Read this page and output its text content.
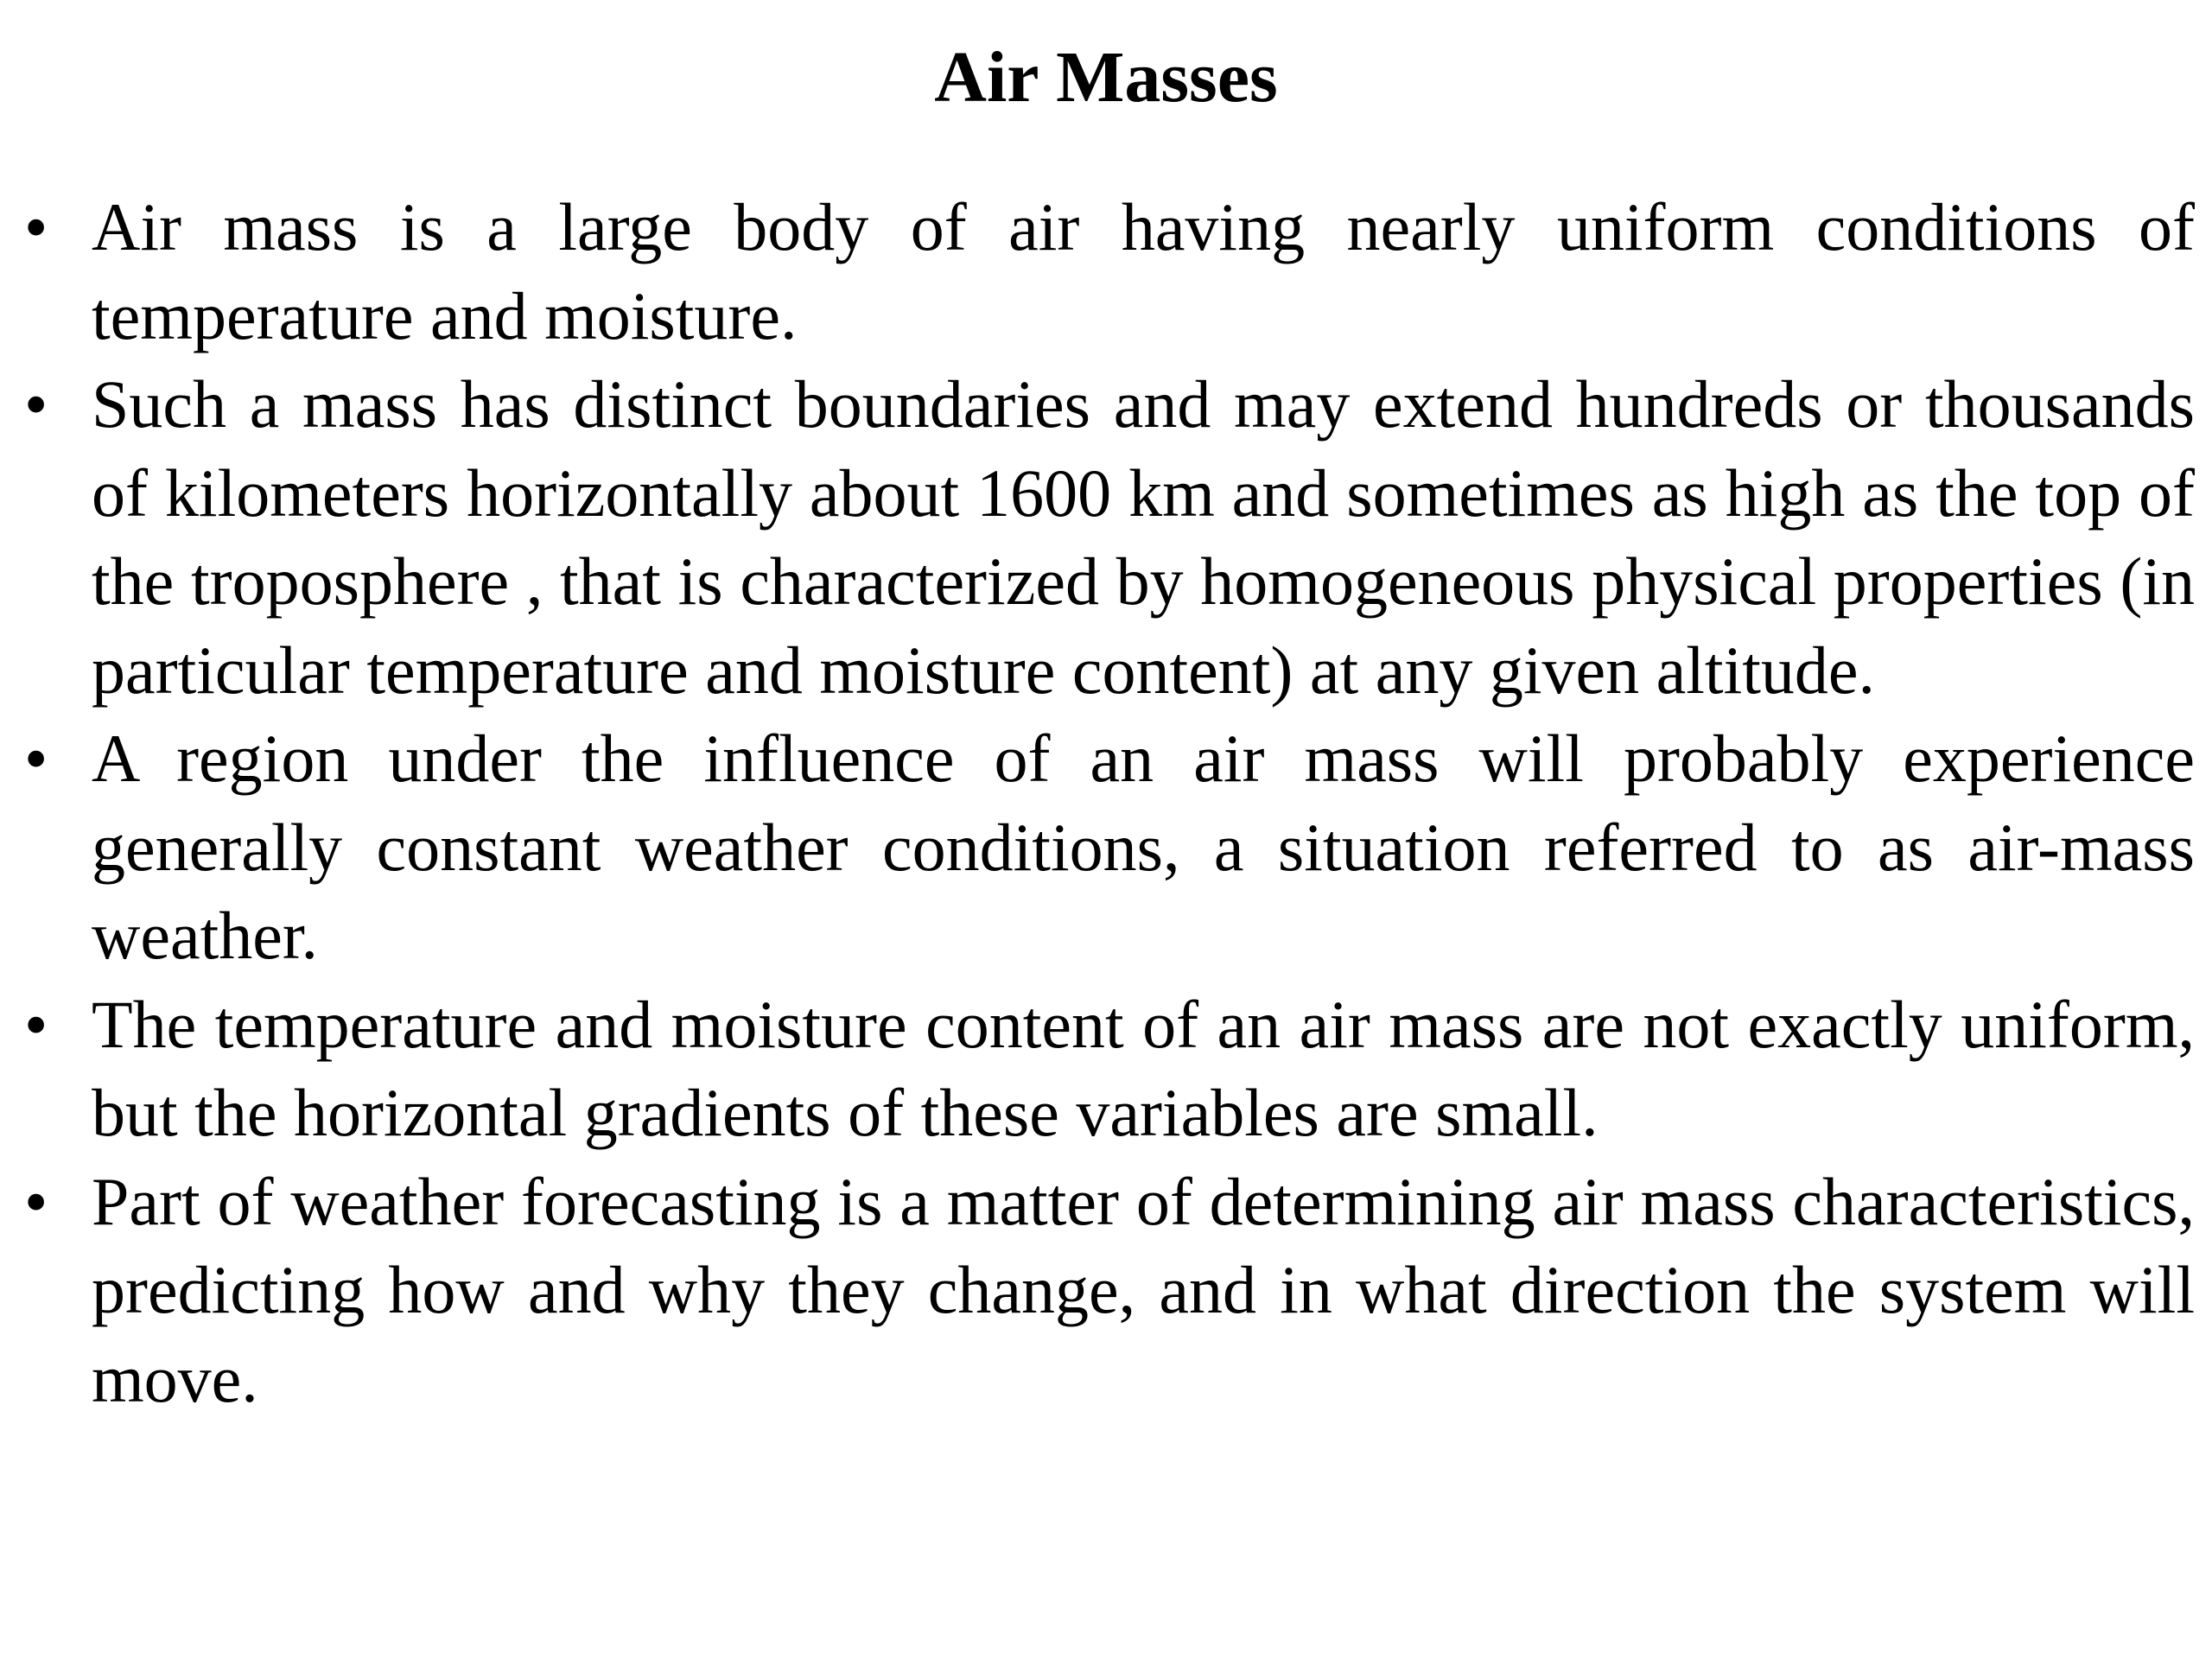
Air Masses
• Air mass is a large body of air having nearly uniform conditions of temperature and moisture.
• Such a mass has distinct boundaries and may extend hundreds or thousands of kilometers horizontally about 1600 km and sometimes as high as the top of the troposphere , that is characterized by homogeneous physical properties (in particular temperature and moisture content) at any given altitude.
• A region under the influence of an air mass will probably experience generally constant weather conditions, a situation referred to as air-mass weather.
• The temperature and moisture content of an air mass are not exactly uniform, but the horizontal gradients of these variables are small.
• Part of weather forecasting is a matter of determining air mass characteristics, predicting how and why they change, and in what direction the system will move.
